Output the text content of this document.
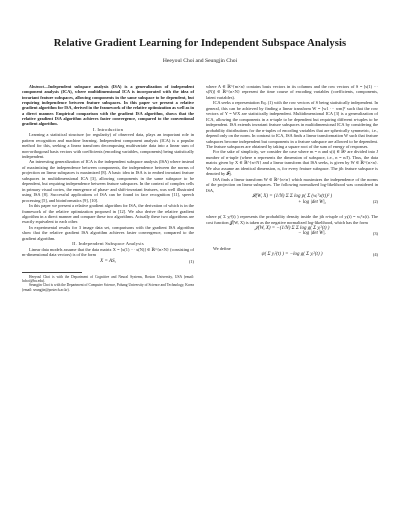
Relative Gradient Learning for Independent Subspace Analysis
Heeyoul Choi and Seungjin Choi

Abstract—Independent subspace analysis (ISA) is a generalization of independent component analysis (ICA), where multidimensional ICA is incorporated with the idea of invariant feature subspaces, allowing components in the same subspace to be dependent, but requiring independence between feature subspaces. In this paper we present a relative gradient algorithm for ISA, derived in the framework of the relative optimization as well as in a direct manner. Empirical comparison with the gradient ISA algorithm, shows that the relative gradient ISA algorithm achieves faster convergence, compared to the conventional gradient algorithm.

I. Introduction

Learning a statistical structure (or regularity) of observed data, plays an important role in pattern recognition and machine learning. Independent component analysis (ICA) is a popular method for this, seeking a linear transform decomposing multivariate data into a linear sum of non-orthogonal basis vectors with coefficients (encoding variables, components) being statistically independent.

An interesting generalization of ICA is the independent subspace analysis (ISA) where instead of maximizing the independence between components, the independence between the norms of projection on linear subspaces is maximized [8]. A basic idea in ISA is to embed invariant feature subspaces in multidimensional ICA [3], allowing components in the same subspace to be dependent, but requiring independence between feature subspaces. In the context of complex cells in primary visual cortex, the emergence of phase- and shift-invariant features, was well illustrated using ISA [8]. Successful applications of ISA can be found in face recognition [11], speech processing [5], and bioinformatics [9], [10].

In this paper we present a relative gradient algorithm for ISA, the derivation of which is in the framework of the relative optimization proposed in [12]. We also derive the relative gradient algorithm in a direct manner and compare these two algorithms. Actually these two algorithms are exactly equivalent to each other.

In experimental results for 3 image data set, comparisons with the gradient ISA algorithm show that the relative gradient ISA algorithm achieves faster convergence, compared to the gradient algorithm.

II. Independent Subspace Analysis

Linear data models assume that the data matrix X = [x(1) ··· x(N)] ∈ ℝ^{n×N} (consisting of m-dimensional data vectors) is of the form

X = AS,	(1)

Heeyoul Choi is with the Department of Cognitive and Neural Systems, Boston University, USA (email: hchoi@bu.edu).

Seungjin Choi is with the Department of Computer Science, Pohang University of Science and Technology, Korea (email: seungjin@postech.ac.kr).

where A ∈ ℝ^{m×n} contains basis vectors in its columns and the row vectors of S = [s(1) ··· s(N)] ∈ ℝ^{n×N} represent the time course of encoding variables (coefficients, components, latent variables).

ICA seeks a representation Eq. (1) with the row vectors of S being statistically independent. In general, this can be achieved by finding a linear transform W = [w1 ··· wm]ᵀ such that the row vectors of Y = WX are statistically independent. Multidimensional ICA [3] is a generalization of ICA, allowing the components in a n-tuple to be dependent but requiring different n-tuples to be independent. ISA extends invariant feature subspaces in multidimensional ICA by considering the probability distributions for the n-tuples of encoding variables that are spherically symmetric, i.e., depend only on the norm. In contrast to ICA, ISA finds a linear transformation W such that feature subspaces become independent but components in a feature subspace are allowed to be dependent. The feature subspaces are obtained by taking a square root of the sum of energy of responses.

For the sake of simplicity, we consider the case where m = n and s(t) ∈ ℝⁿ are divided into J number of n-tuple (where n represents the dimension of subspace, i.e., n = n/J). Thus, the data matrix given by X ∈ ℝ^{n×N} and a linear transform that ISA seeks, is given by W ∈ ℝ^{n×n}. We also assume an identical dimension, n, for every feature subspace. The jth feature subspace is denoted by 𝓕j.

ISA finds a linear transform W ∈ ℝ^{n×n} which maximizes the independence of the norms of the projection on linear subspaces. The following normalized log-likelihood was considered in ISA,

𝓛(W, X) = (1/N) Σ Σ log p( Σ (wᵢᵀx(t))² )
+ log |det W|,	(2)

where p( Σ yᵢ²(t) ) represents the probability density inside the jth n-tuple of yᵢ(t) = wᵢᵀx(t). The cost function 𝒥(W, X) is taken as the negative normalized log-likelihood, which has the form

𝒥(W, X) = −(1/N) Σ Σ log g( Σ yᵢ²(t) )
− log |det W|.	(3)

We define

ψ( Σ yᵢ²(t) ) = −log g( Σ yᵢ²(t) )	(4)
